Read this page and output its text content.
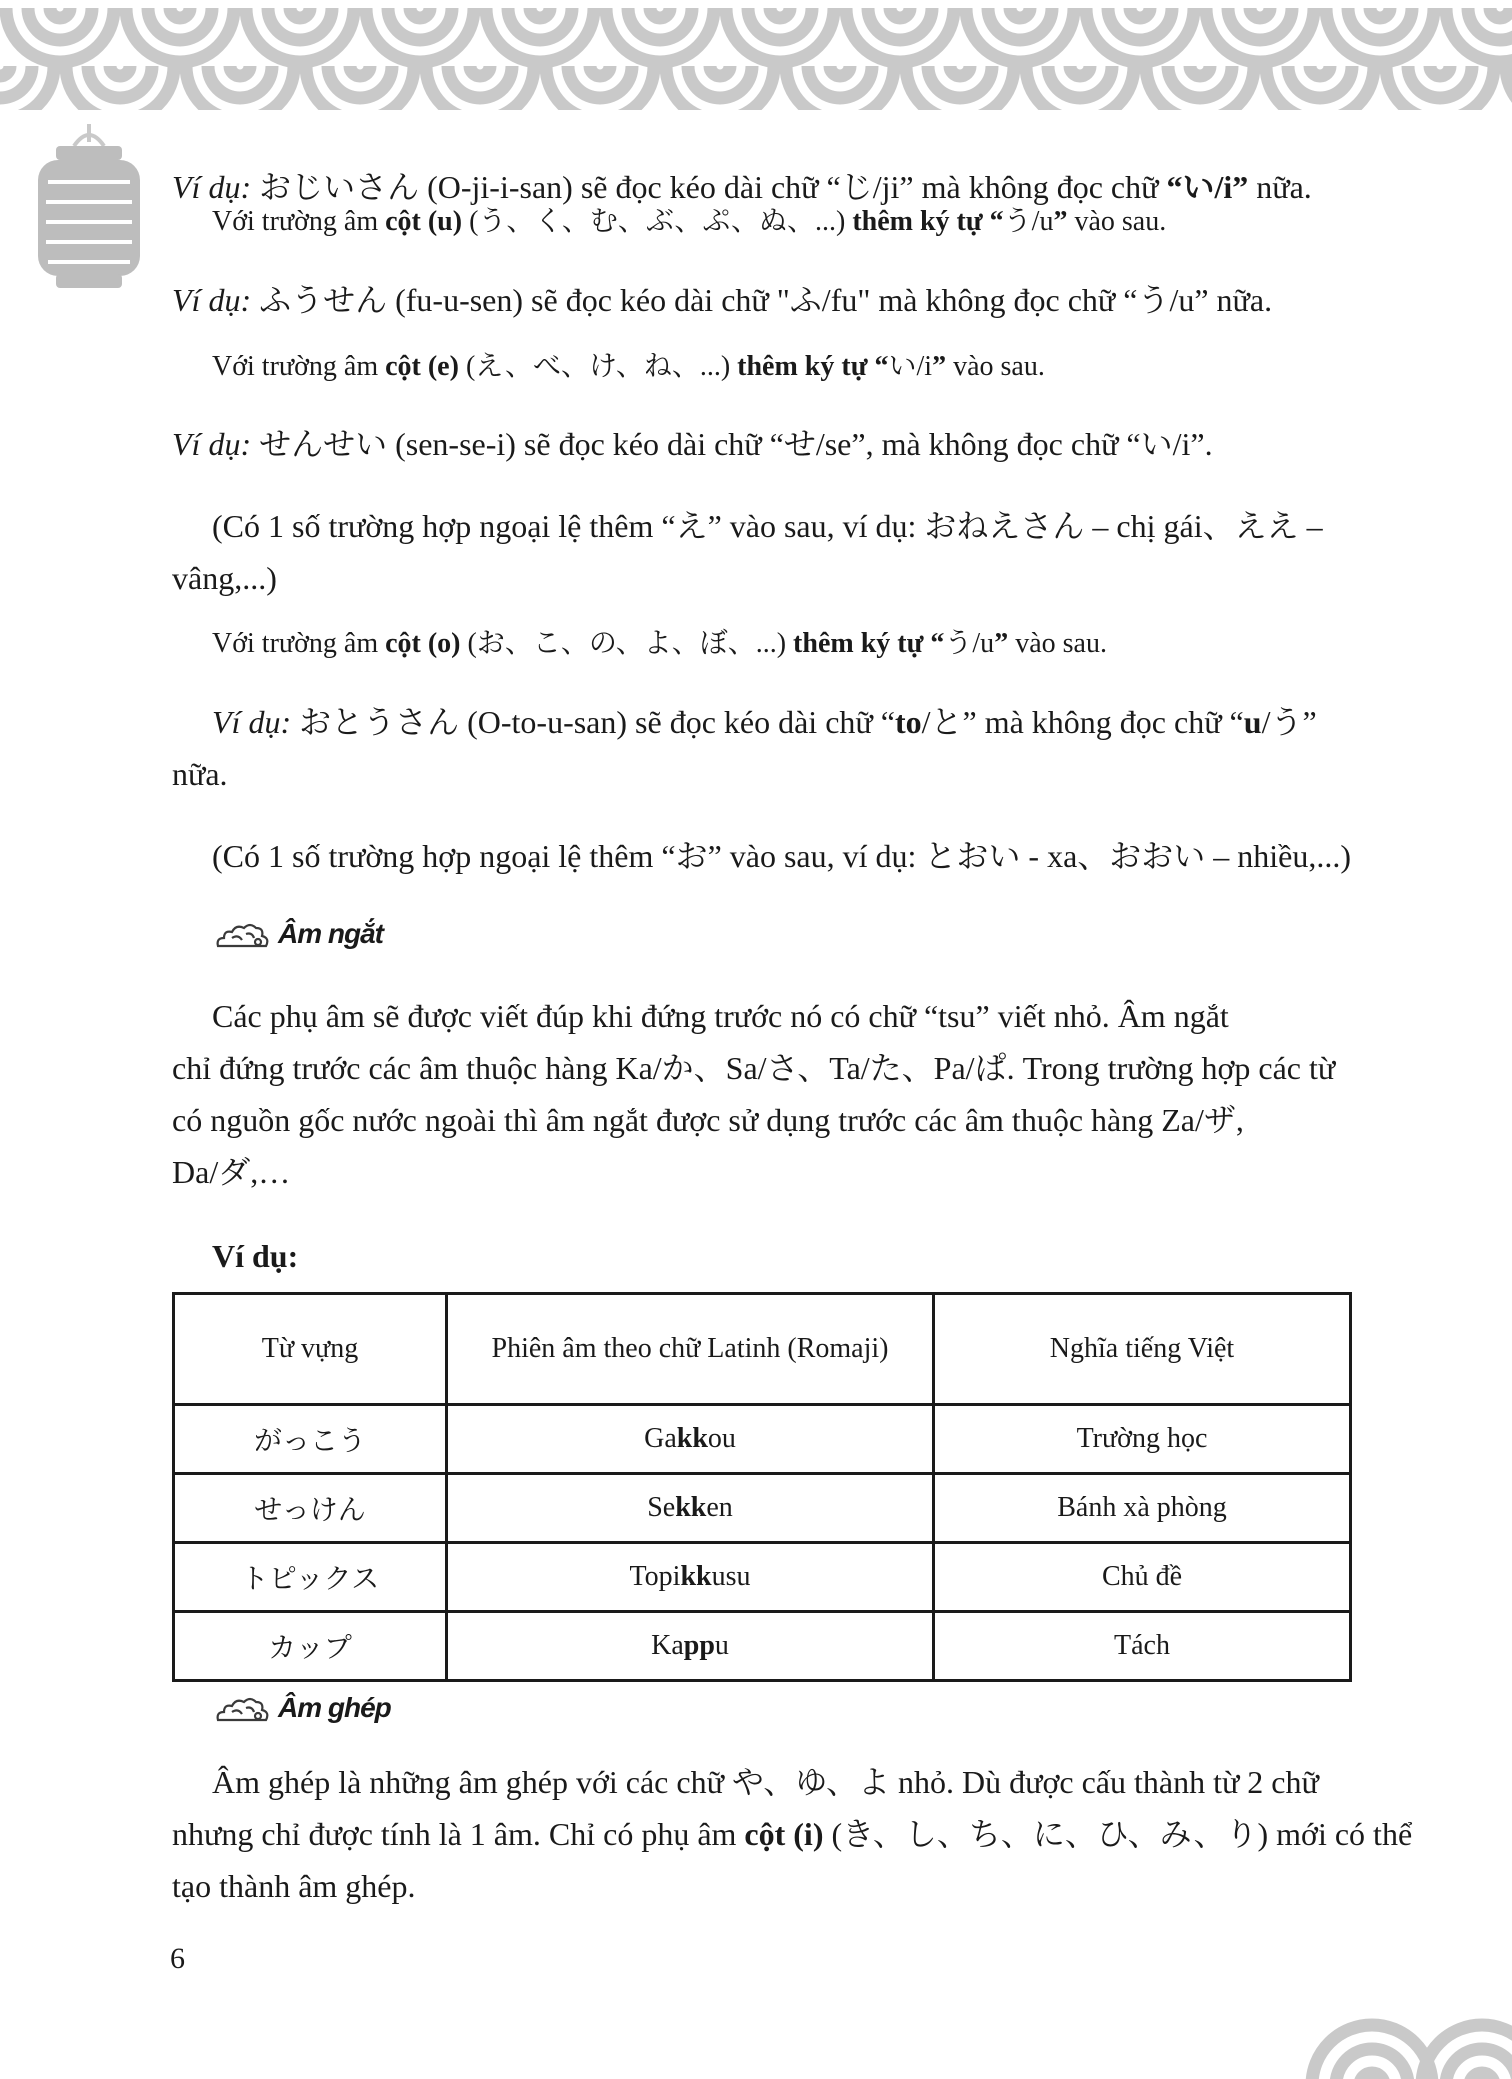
Ví dụ: おじいさん (O-ji-i-san) sẽ đọc kéo dài chữ “じ/ji” mà không đọc chữ “い/i” nữa.
Với trường âm cột (u) (う、く、む、ぶ、ぷ、ぬ、...) thêm ký tự “う/u” vào sau.
Ví dụ: ふうせん (fu-u-sen) sẽ đọc kéo dài chữ "ふ/fu" mà không đọc chữ “う/u” nữa.
Với trường âm cột (e) (え、べ、け、ね、...) thêm ký tự “い/i” vào sau.
Ví dụ: せんせい (sen-se-i) sẽ đọc kéo dài chữ “せ/se”, mà không đọc chữ “い/i”.
(Có 1 số trường hợp ngoại lệ thêm “え” vào sau, ví dụ: おねえさん – chị gái、ええ –
vâng,...)
Với trường âm cột (o) (お、こ、の、よ、ぼ、...) thêm ký tự “う/u” vào sau.
Ví dụ: おとうさん (O-to-u-san) sẽ đọc kéo dài chữ “to/と” mà không đọc chữ “u/う”
nữa.
(Có 1 số trường hợp ngoại lệ thêm “お” vào sau, ví dụ: とおい - xa、おおい – nhiều,...)
Âm ngắt
Các phụ âm sẽ được viết đúp khi đứng trước nó có chữ “tsu” viết nhỏ. Âm ngắt
chỉ đứng trước các âm thuộc hàng Ka/か、Sa/さ、Ta/た、Pa/ぱ. Trong trường hợp các từ
có nguồn gốc nước ngoài thì âm ngắt được sử dụng trước các âm thuộc hàng Za/ザ,
Da/ダ,…
Ví dụ:
Từ vựng	Phiên âm theo chữ Latinh (Romaji)	Nghĩa tiếng Việt
がっこう	Gakkou	Trường học
せっけん	Sekken	Bánh xà phòng
トピックス	Topikkusu	Chủ đề
カップ	Kappu	Tách
Âm ghép
Âm ghép là những âm ghép với các chữ や、ゆ、よ nhỏ. Dù được cấu thành từ 2 chữ
nhưng chỉ được tính là 1 âm. Chỉ có phụ âm cột (i) (き、し、ち、に、ひ、み、り) mới có thể
tạo thành âm ghép.
6
